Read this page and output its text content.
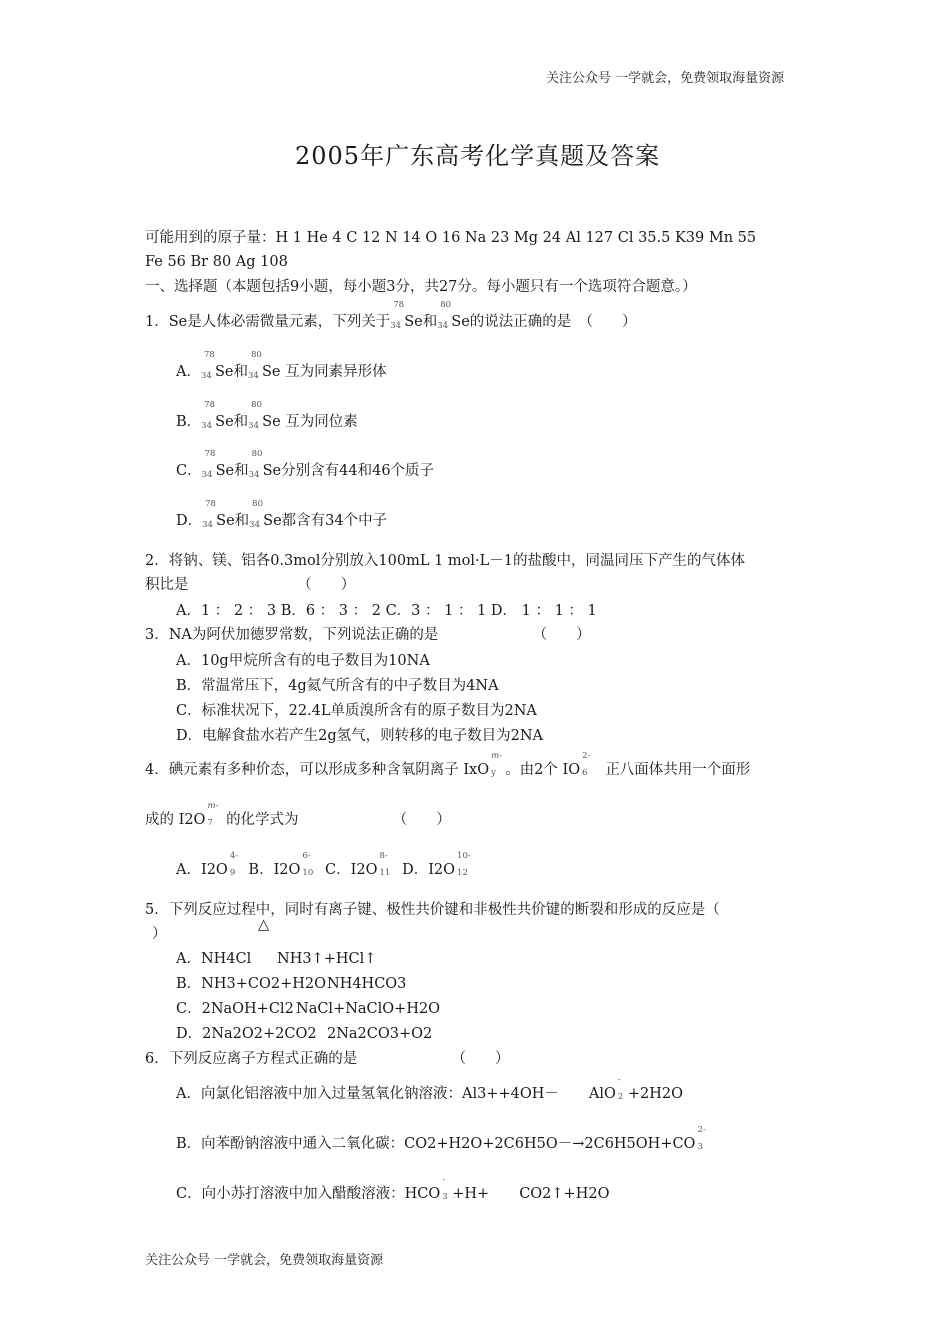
关注公众号 一学就会，免费领取海量资源
2005年广东高考化学真题及答案
可能用到的原子量：H 1 He 4 C 12 N 14 O 16 Na 23 Mg 24 Al 127 Cl 35.5 K39 Mn 55
Fe 56 Br 80 Ag 108
一、选择题（本题包括9小题，每小题3分，共27分。每小题只有一个选项符合题意。）
1．Se是人体必需微量元素，下列关于
78
34 Se和
80
34 Se的说法正确的是　（　　）
A．
78
34 Se和
80
34 Se 互为同素异形体
B．
78
34 Se和
80
34 Se 互为同位素
C．
78
34 Se和
80
34 Se分别含有44和46个质子
D．
78
34 Se和
80
34 Se都含有34个中子
2．将钠、镁、铝各0.3mol分别放入100mL 1 mol·L－1的盐酸中，同温同压下产生的气体体
积比是　　　　　　　　（　　）
A．1 ： 2 ： 3 B．6 ： 3 ： 2 C．3 ： 1 ： 1 D． 1 ： 1 ： 1
3．NA为阿伏加德罗常数，下列说法正确的是　　　　　　　（　　）
A．10g甲烷所含有的电子数目为10NA
B．常温常压下，4g氦气所含有的中子数目为4NA
C．标准状况下，22.4L单质溴所含有的原子数目为2NA
D．电解食盐水若产生2g氢气，则转移的电子数目为2NA
4．碘元素有多种价态，可以形成多种含氧阴离子 IxO
m-
y 。由2个 IO
2-
6 正八面体共用一个面形
成的 I2O
m-
7 的化学式为　　　　　　　（　　）
A．I2O
4-
9 B．I2O
6-
10 C．I2O
8-
11 D．I2O
10-
12
5．下列反应过程中，同时有离子键、极性共价键和非极性共价键的断裂和形成的反应是（
△
）
A．NH4Cl NH3↑+HCl↑
B．NH3+CO2+H2O NH4HCO3
C．2NaOH+Cl2 NaCl+NaClO+H2O
D．2Na2O2+2CO2 2Na2CO3+O2
6．下列反应离子方程式正确的是　　　　　　　（　　）
A．向氯化铝溶液中加入过量氢氧化钠溶液：Al3++4OH－ AlO
-
2 +2H2O
B．向苯酚钠溶液中通入二氧化碳：CO2+H2O+2C6H5O－→2C6H5OH+CO
2-
3
C．向小苏打溶液中加入醋酸溶液：HCO
-
3 +H+ CO2↑+H2O
关注公众号 一学就会，免费领取海量资源
